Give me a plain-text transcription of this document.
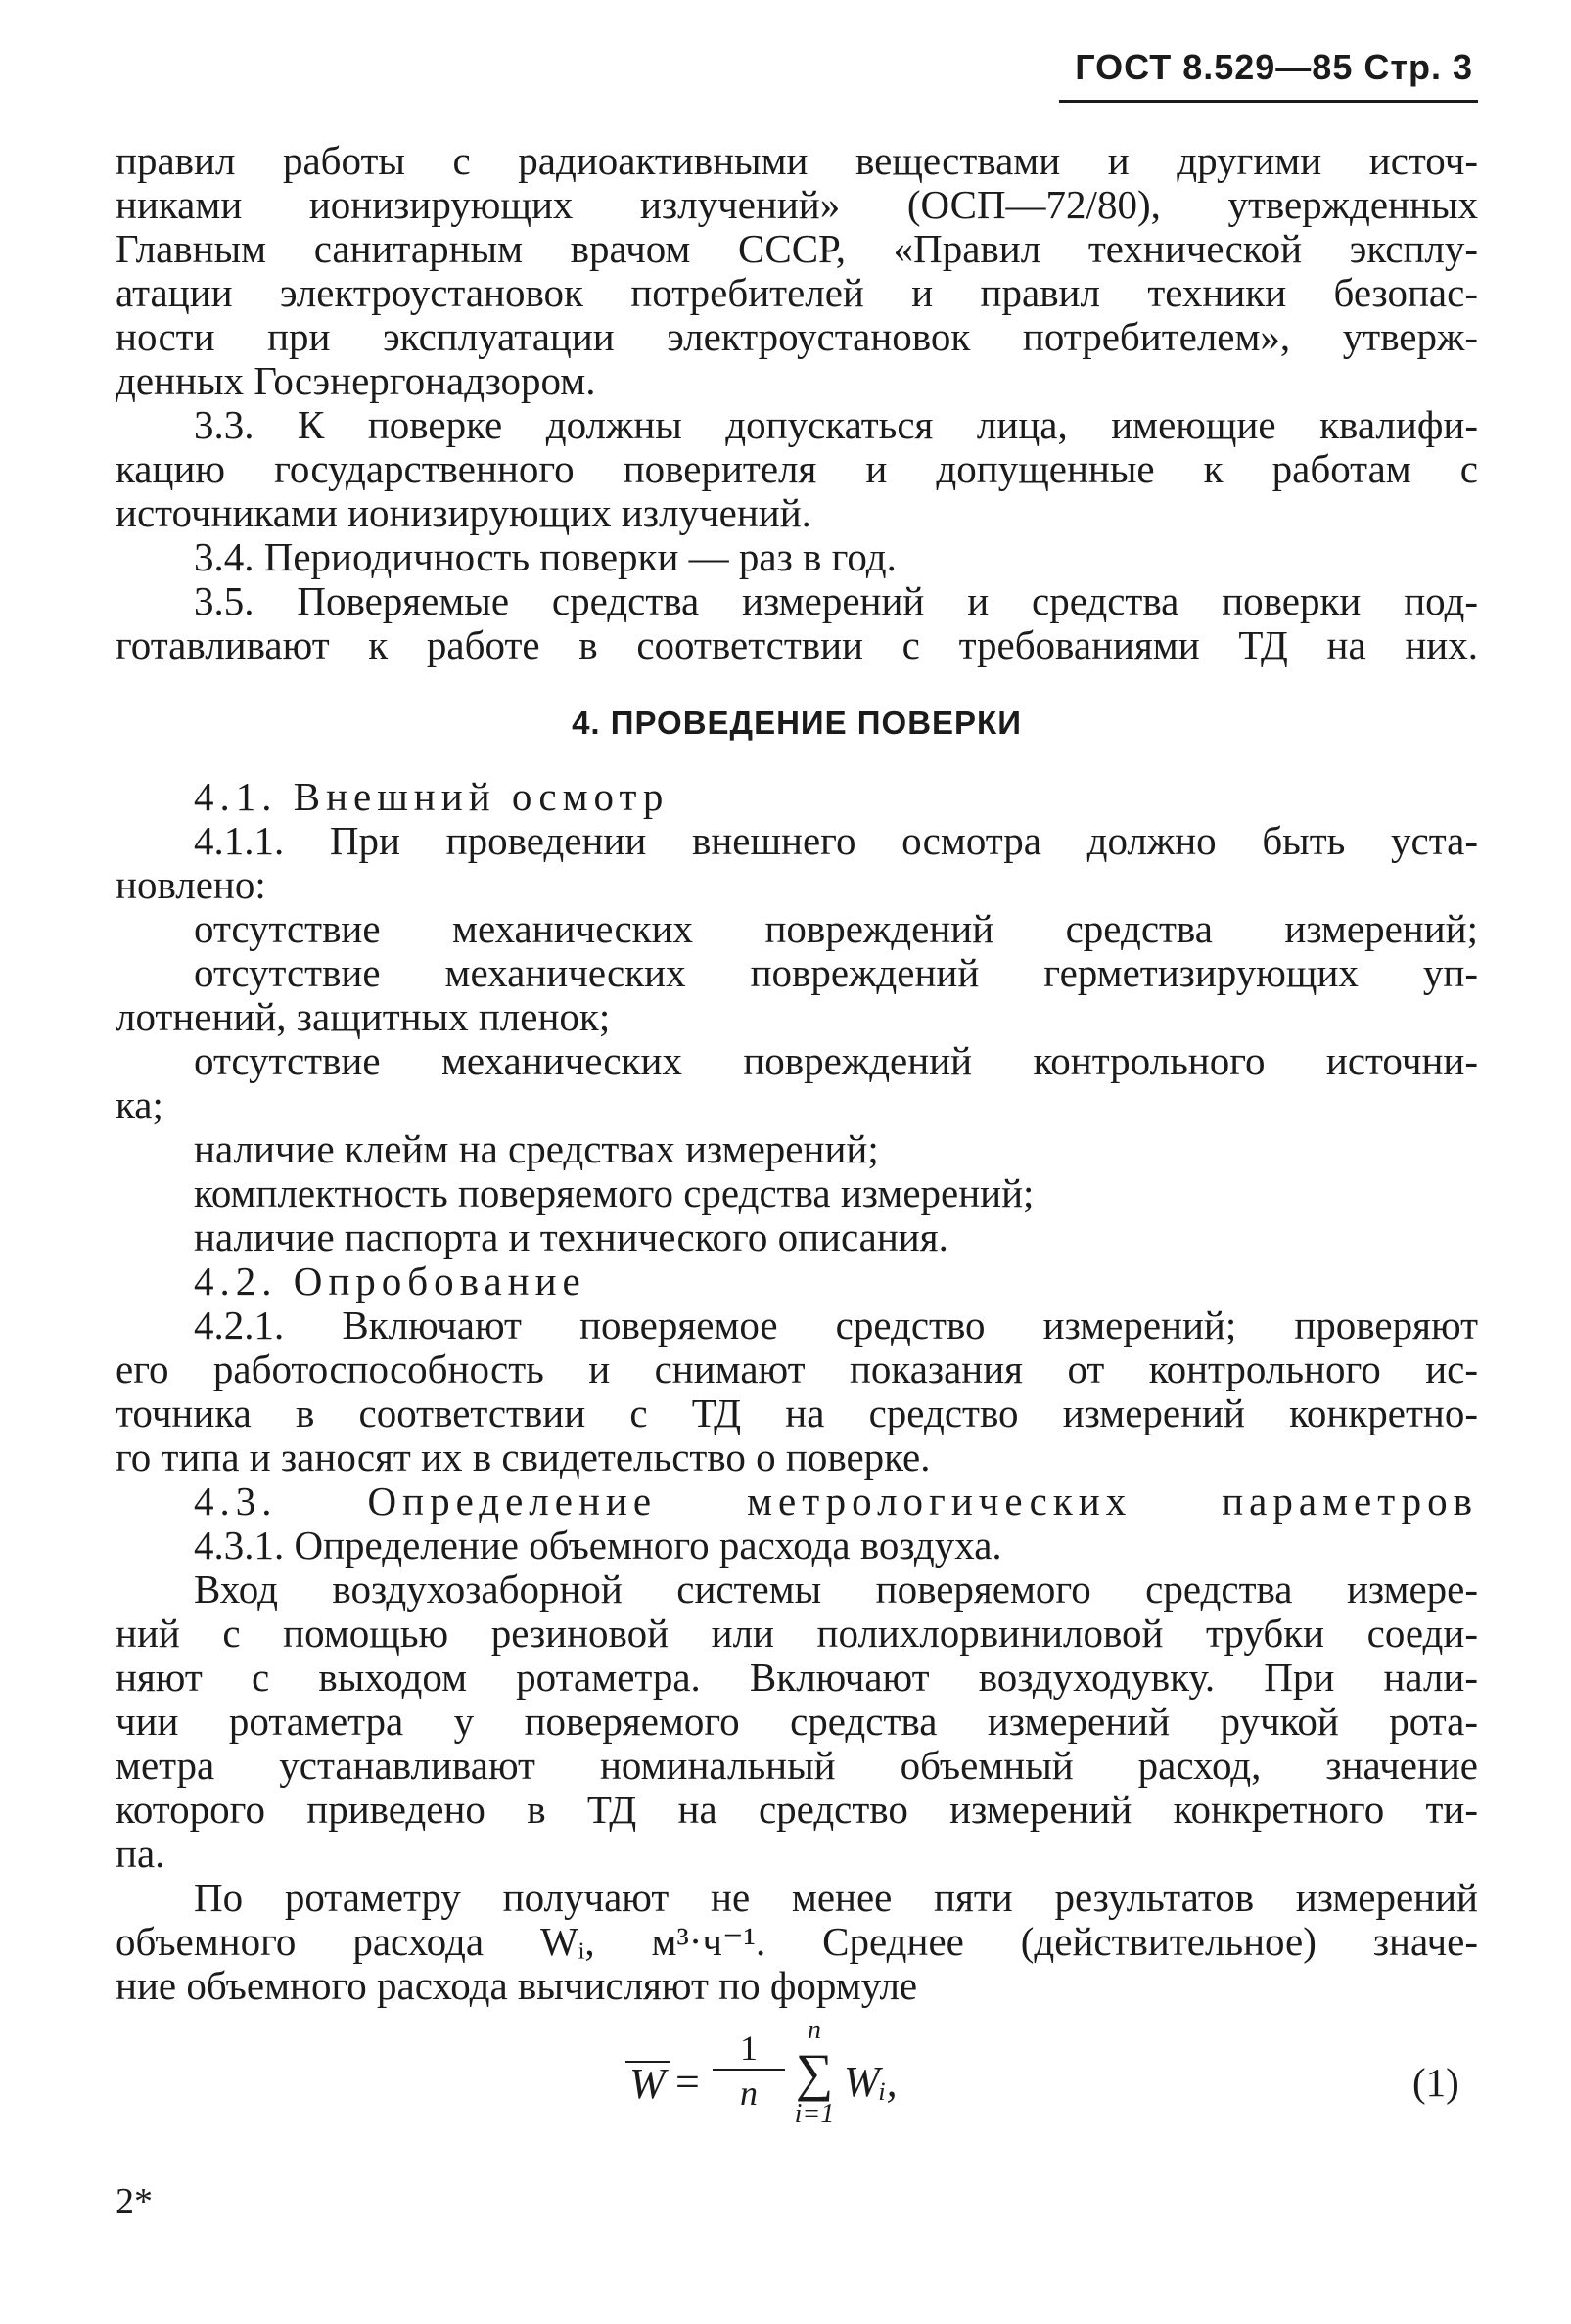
ГОСТ 8.529—85 Стр. 3
правил работы с радиоактивными веществами и другими источ-
никами ионизирующих излучений» (ОСП—72/80), утвержденных
Главным санитарным врачом СССР, «Правил технической эксплу-
атации электроустановок потребителей и правил техники безопас-
ности при эксплуатации электроустановок потребителем», утверж-
денных Госэнергонадзором.
3.3. К поверке должны допускаться лица, имеющие квалифи-
кацию государственного поверителя и допущенные к работам с
источниками ионизирующих излучений.
3.4. Периодичность поверки — раз в год.
3.5. Поверяемые средства измерений и средства поверки под-
готавливают к работе в соответствии с требованиями ТД на них.
4. ПРОВЕДЕНИЕ ПОВЕРКИ
4.1. Внешний осмотр
4.1.1. При проведении внешнего осмотра должно быть уста-
новлено:
отсутствие механических повреждений средства измерений;
отсутствие механических повреждений герметизирующих уп-
лотнений, защитных пленок;
отсутствие механических повреждений контрольного источни-
ка;
наличие клейм на средствах измерений;
комплектность поверяемого средства измерений;
наличие паспорта и технического описания.
4.2. Опробование
4.2.1. Включают поверяемое средство измерений; проверяют
его работоспособность и снимают показания от контрольного ис-
точника в соответствии с ТД на средство измерений конкретно-
го типа и заносят их в свидетельство о поверке.
4.3. Определение метрологических параметров
4.3.1. Определение объемного расхода воздуха.
Вход воздухозаборной системы поверяемого средства измере-
ний с помощью резиновой или полихлорвиниловой трубки соеди-
няют с выходом ротаметра. Включают воздуходувку. При нали-
чии ротаметра у поверяемого средства измерений ручкой рота-
метра устанавливают номинальный объемный расход, значение
которого приведено в ТД на средство измерений конкретного ти-
па.
По ротаметру получают не менее пяти результатов измерений
объемного расхода Wᵢ, м³·ч⁻¹. Среднее (действительное) значе-
ние объемного расхода вычисляют по формуле
W =
1
n
n
∑
i=1
Wᵢ,	(1)
2*
